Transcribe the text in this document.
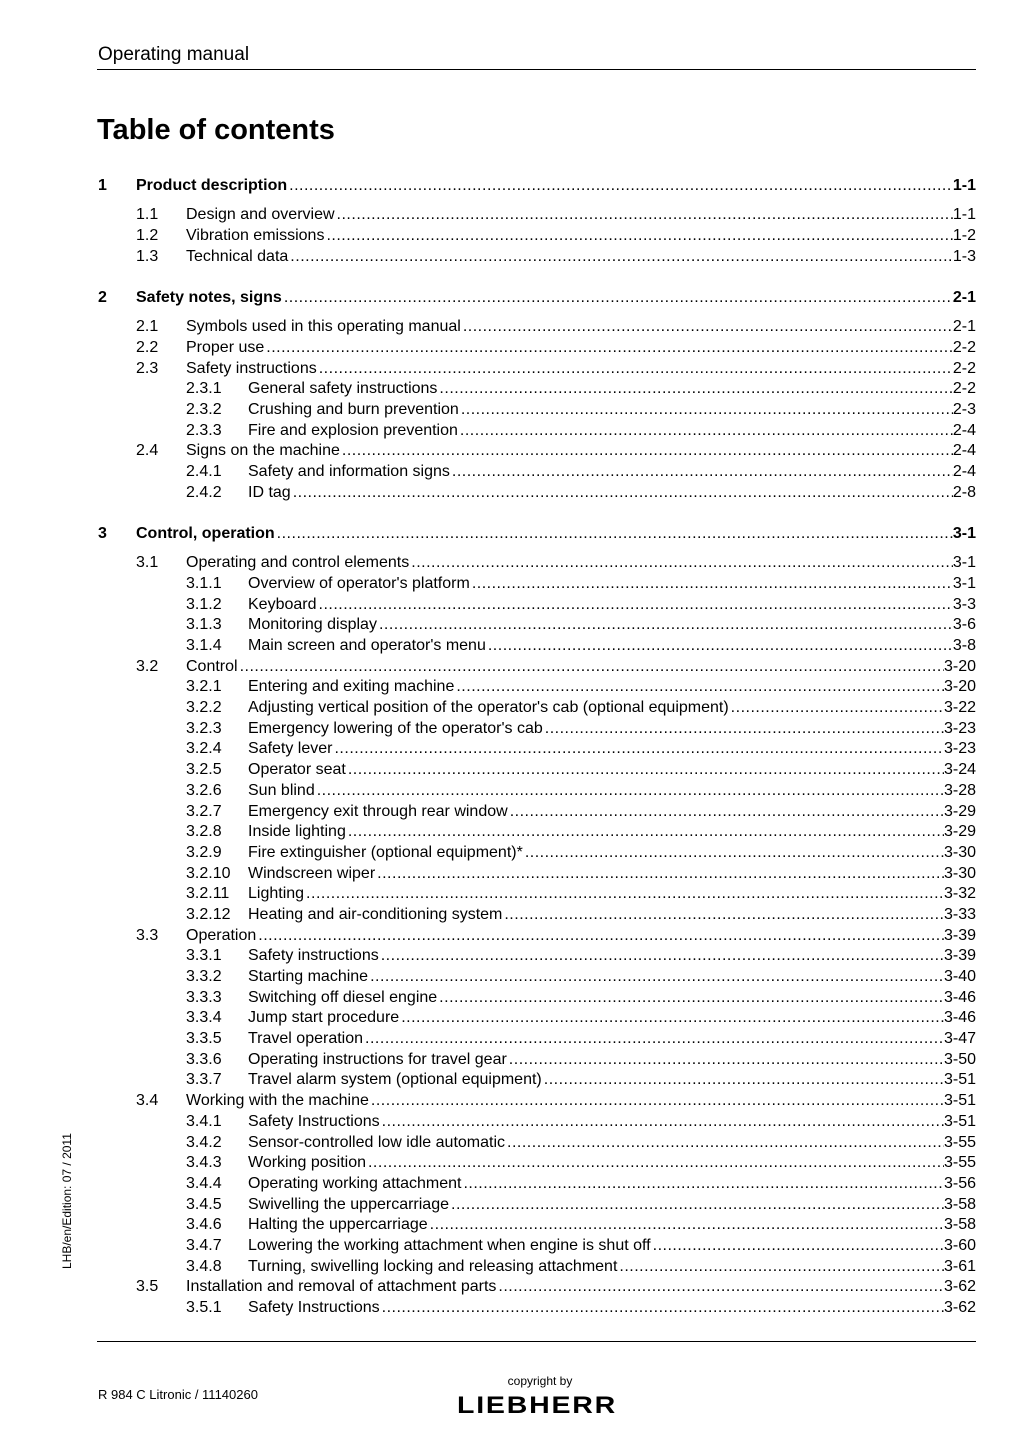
Operating manual
Table of contents
1 Product description .....	1-1
1.1 Design and overview .....	1-1
1.2 Vibration emissions .....	1-2
1.3 Technical data .....	1-3
2 Safety notes, signs .....	2-1
2.1 Symbols used in this operating manual .....	2-1
2.2 Proper use .....	2-2
2.3 Safety instructions .....	2-2
2.3.1 General safety instructions .....	2-2
2.3.2 Crushing and burn prevention .....	2-3
2.3.3 Fire and explosion prevention .....	2-4
2.4 Signs on the machine .....	2-4
2.4.1 Safety and information signs .....	2-4
2.4.2 ID tag .....	2-8
3 Control, operation .....	3-1
3.1 Operating and control elements .....	3-1
3.1.1 Overview of operator's platform .....	3-1
3.1.2 Keyboard .....	3-3
3.1.3 Monitoring display .....	3-6
3.1.4 Main screen and operator's menu .....	3-8
3.2 Control .....	3-20
3.2.1 Entering and exiting machine .....	3-20
3.2.2 Adjusting vertical position of the operator's cab (optional equipment) .....	3-22
3.2.3 Emergency lowering of the operator's cab .....	3-23
3.2.4 Safety lever .....	3-23
3.2.5 Operator seat .....	3-24
3.2.6 Sun blind .....	3-28
3.2.7 Emergency exit through rear window .....	3-29
3.2.8 Inside lighting .....	3-29
3.2.9 Fire extinguisher (optional equipment)* .....	3-30
3.2.10 Windscreen wiper .....	3-30
3.2.11 Lighting .....	3-32
3.2.12 Heating and air-conditioning system .....	3-33
3.3 Operation .....	3-39
3.3.1 Safety instructions .....	3-39
3.3.2 Starting machine .....	3-40
3.3.3 Switching off diesel engine .....	3-46
3.3.4 Jump start procedure .....	3-46
3.3.5 Travel operation .....	3-47
3.3.6 Operating instructions for travel gear .....	3-50
3.3.7 Travel alarm system (optional equipment) .....	3-51
3.4 Working with the machine .....	3-51
3.4.1 Safety Instructions .....	3-51
3.4.2 Sensor-controlled low idle automatic .....	3-55
3.4.3 Working position .....	3-55
3.4.4 Operating working attachment .....	3-56
3.4.5 Swivelling the uppercarriage .....	3-58
3.4.6 Halting the uppercarriage .....	3-58
3.4.7 Lowering the working attachment when engine is shut off .....	3-60
3.4.8 Turning, swivelling locking and releasing attachment .....	3-61
3.5 Installation and removal of attachment parts .....	3-62
3.5.1 Safety Instructions .....	3-62
LHB/en/Edition: 07 / 2011
copyright by
R 984 C Litronic / 11140260	LIEBHERR
